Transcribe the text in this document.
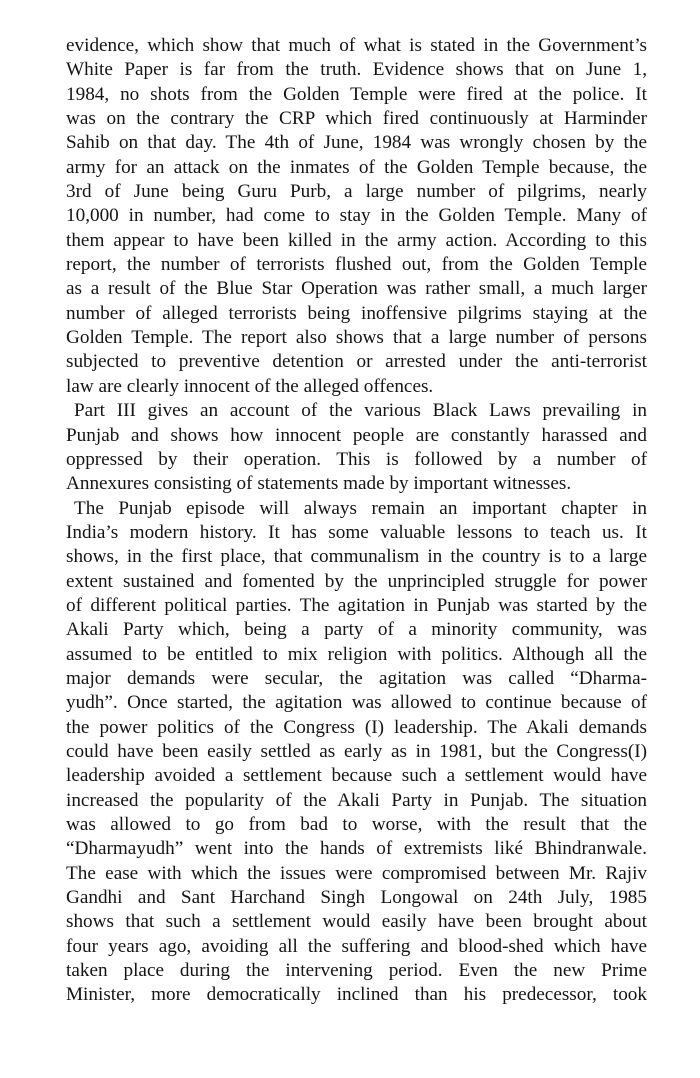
evidence, which show that much of what is stated in the Government’s
White Paper is far from the truth. Evidence shows that on June 1,
1984, no shots from the Golden Temple were fired at the police. It
was on the contrary the CRP which fired continuously at Harminder
Sahib on that day. The 4th of June, 1984 was wrongly chosen by the
army for an attack on the inmates of the Golden Temple because, the
3rd of June being Guru Purb, a large number of pilgrims, nearly
10,000 in number, had come to stay in the Golden Temple. Many of
them appear to have been killed in the army action. According to this
report, the number of terrorists flushed out, from the Golden Temple
as a result of the Blue Star Operation was rather small, a much larger
number of alleged terrorists being inoffensive pilgrims staying at the
Golden Temple. The report also shows that a large number of persons
subjected to preventive detention or arrested under the anti-terrorist
law are clearly innocent of the alleged offences.
Part III gives an account of the various Black Laws prevailing in
Punjab and shows how innocent people are constantly harassed and
oppressed by their operation. This is followed by a number of
Annexures consisting of statements made by important witnesses.
The Punjab episode will always remain an important chapter in
India’s modern history. It has some valuable lessons to teach us. It
shows, in the first place, that communalism in the country is to a large
extent sustained and fomented by the unprincipled struggle for power
of different political parties. The agitation in Punjab was started by the
Akali Party which, being a party of a minority community, was
assumed to be entitled to mix religion with politics. Although all the
major demands were secular, the agitation was called “Dharma-
yudh”. Once started, the agitation was allowed to continue because of
the power politics of the Congress (I) leadership. The Akali demands
could have been easily settled as early as in 1981, but the Congress(I)
leadership avoided a settlement because such a settlement would have
increased the popularity of the Akali Party in Punjab. The situation
was allowed to go from bad to worse, with the result that the
“Dharmayudh” went into the hands of extremists liké Bhindranwale.
The ease with which the issues were compromised between Mr. Rajiv
Gandhi and Sant Harchand Singh Longowal on 24th July, 1985
shows that such a settlement would easily have been brought about
four years ago, avoiding all the suffering and blood-shed which have
taken place during the intervening period. Even the new Prime
Minister, more democratically inclined than his predecessor, took
